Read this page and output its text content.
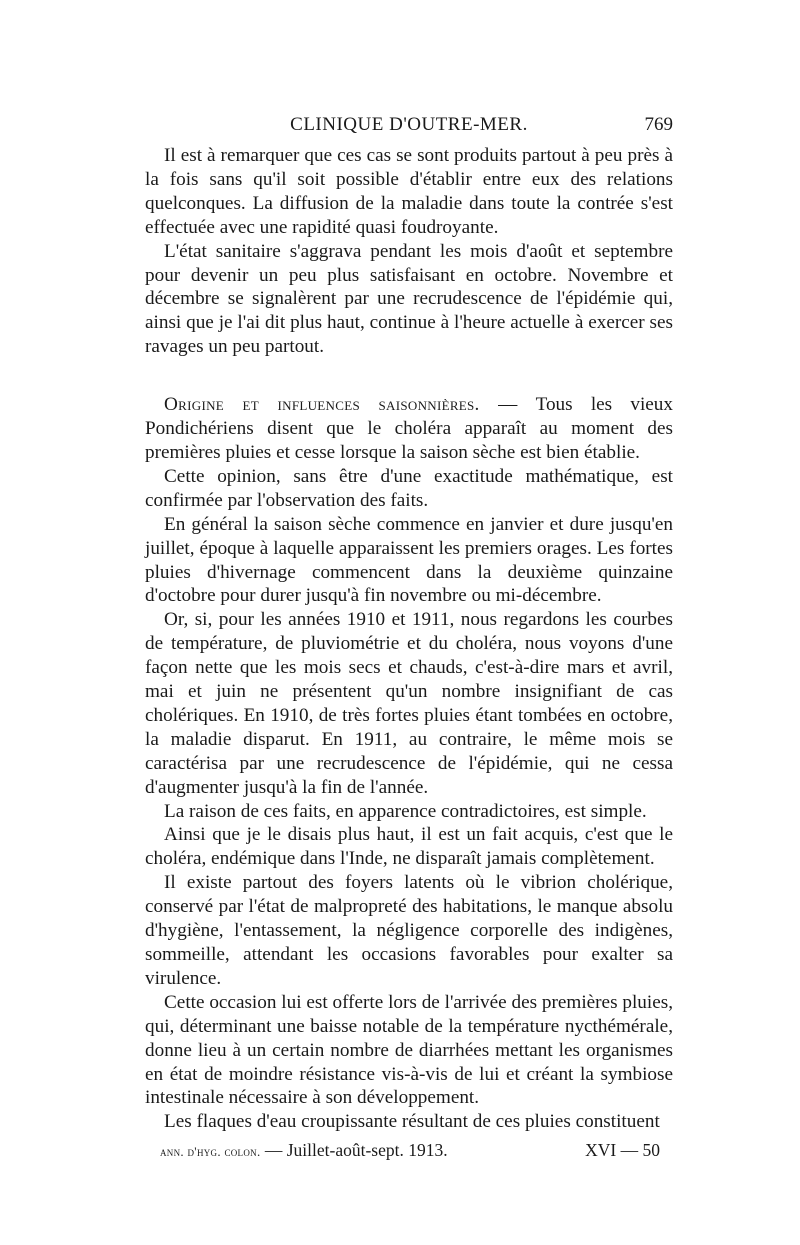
CLINIQUE D'OUTRE-MER.	769

Il est à remarquer que ces cas se sont produits partout à peu près à la fois sans qu'il soit possible d'établir entre eux des relations quelconques. La diffusion de la maladie dans toute la contrée s'est effectuée avec une rapidité quasi foudroyante.

L'état sanitaire s'aggrava pendant les mois d'août et septembre pour devenir un peu plus satisfaisant en octobre. Novembre et décembre se signalèrent par une recrudescence de l'épidémie qui, ainsi que je l'ai dit plus haut, continue à l'heure actuelle à exercer ses ravages un peu partout.

Origine et influences saisonnières. — Tous les vieux Pondichériens disent que le choléra apparaît au moment des premières pluies et cesse lorsque la saison sèche est bien établie.

Cette opinion, sans être d'une exactitude mathématique, est confirmée par l'observation des faits.

En général la saison sèche commence en janvier et dure jusqu'en juillet, époque à laquelle apparaissent les premiers orages. Les fortes pluies d'hivernage commencent dans la deuxième quinzaine d'octobre pour durer jusqu'à fin novembre ou mi-décembre.

Or, si, pour les années 1910 et 1911, nous regardons les courbes de température, de pluviométrie et du choléra, nous voyons d'une façon nette que les mois secs et chauds, c'est-à-dire mars et avril, mai et juin ne présentent qu'un nombre insignifiant de cas cholériques. En 1910, de très fortes pluies étant tombées en octobre, la maladie disparut. En 1911, au contraire, le même mois se caractérisa par une recrudescence de l'épidémie, qui ne cessa d'augmenter jusqu'à la fin de l'année.

La raison de ces faits, en apparence contradictoires, est simple.

Ainsi que je le disais plus haut, il est un fait acquis, c'est que le choléra, endémique dans l'Inde, ne disparaît jamais complètement.

Il existe partout des foyers latents où le vibrion cholérique, conservé par l'état de malpropreté des habitations, le manque absolu d'hygiène, l'entassement, la négligence corporelle des indigènes, sommeille, attendant les occasions favorables pour exalter sa virulence.

Cette occasion lui est offerte lors de l'arrivée des premières pluies, qui, déterminant une baisse notable de la température nycthémérale, donne lieu à un certain nombre de diarrhées mettant les organismes en état de moindre résistance vis-à-vis de lui et créant la symbiose intestinale nécessaire à son développement.

Les flaques d'eau croupissante résultant de ces pluies constituent

ann. d'hyg. colon. — Juillet-août-sept. 1913.	XVI — 50
